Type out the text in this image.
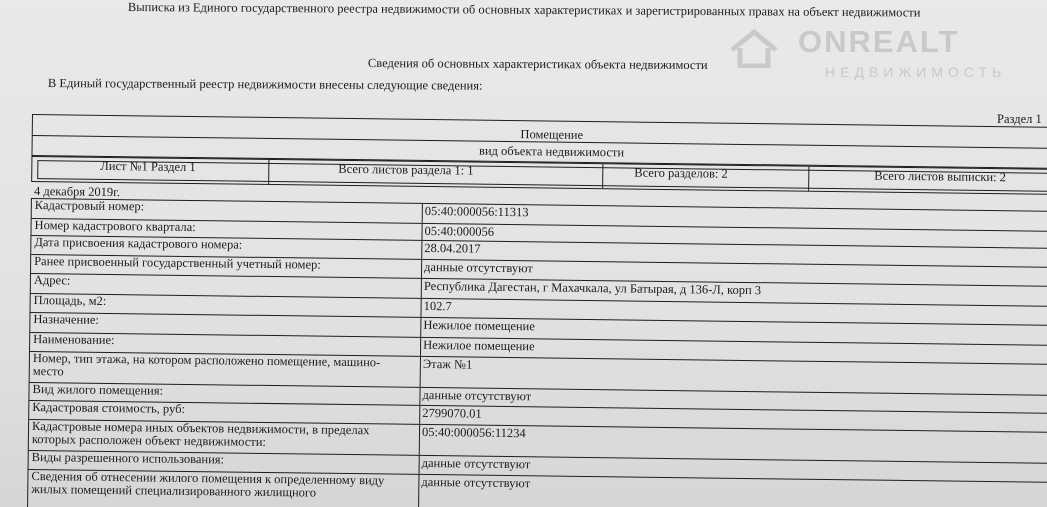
Выписка из Единого государственного реестра недвижимости об основных характеристиках и зарегистрированных правах на объект недвижимости
ONREALT
НЕДВИЖИМОСТЬ
Сведения об основных характеристиках объекта недвижимости
В Единый государственный реестр недвижимости внесены следующие сведения:
Раздел 1
Помещение
вид объекта недвижимости
Лист №1 Раздел 1	Всего листов раздела 1: 1	Всего разделов: 2	Всего листов выписки: 2
4 декабря 2019г.
Кадастровый номер:	05:40:000056:11313
Номер кадастрового квартала:	05:40:000056
Дата присвоения кадастрового номера:	28.04.2017
Ранее присвоенный государственный учетный номер:	данные отсутствуют
Адрес:	Республика Дагестан, г Махачкала, ул Батырая, д 136-Л, корп 3
Площадь, м2:	102.7
Назначение:	Нежилое помещение
Наименование:	Нежилое помещение
Номер, тип этажа, на котором расположено помещение, машино-место	Этаж №1
Вид жилого помещения:	данные отсутствуют
Кадастровая стоимость, руб:	2799070.01
Кадастровые номера иных объектов недвижимости, в пределах которых расположен объект недвижимости:	05:40:000056:11234
Виды разрешенного использования:	данные отсутствуют
Сведения об отнесении жилого помещения к определенному виду жилых помещений специализированного жилищного	данные отсутствуют
